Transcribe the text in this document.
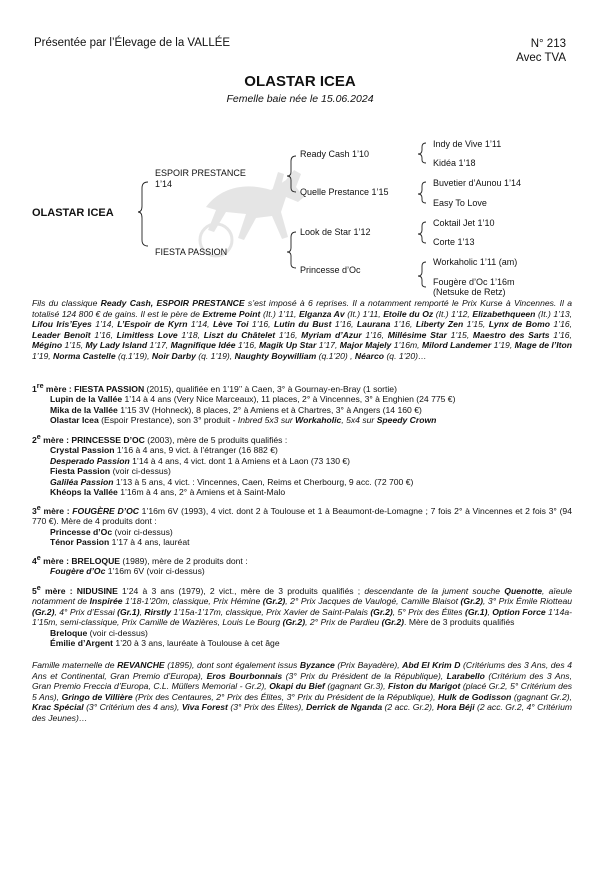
Présentée par l’Élevage de la VALLÉE	N° 213
Avec TVA
OLASTAR ICEA
Femelle baie née le 15.06.2024
OLASTAR ICEA
ESPOIR PRESTANCE
1’14
FIESTA PASSION
Ready Cash 1’10
Quelle Prestance 1’15
Look de Star 1’12
Princesse d’Oc
Indy de Vive 1’11
Kidéa 1’18
Buvetier d’Aunou 1’14
Easy To Love
Coktail Jet 1’10
Corte 1’13
Workaholic 1’11 (am)
Fougère d’Oc 1’16m
(Netsuke de Retz)
Fils du classique Ready Cash, ESPOIR PRESTANCE s’est imposé à 6 reprises. Il a notamment remporté le Prix Kurse à Vincennes. Il a totalisé 124 800 € de gains. Il est le père de Extreme Point (It.) 1’11, Elganza Av (It.) 1’11, Etoile du Oz (It.) 1’12, Elizabethqueen (It.) 1’13, Lifou Iris’Eyes 1’14, L’Espoir de Kyrn 1’14, Lève Toi 1’16, Lutin du Bust 1’16, Laurana 1’16, Liberty Zen 1’15, Lynx de Bomo 1’16, Leader Benoît 1’16, Limitless Love 1’18, Liszt du Châtelet 1’16, Myriam d’Azur 1’16, Millésime Star 1’15, Maestro des Sarts 1’16, Mégino 1’15, My Lady Island 1’17, Magnifique Idée 1’16, Magik Up Star 1’17, Major Majely 1’16m, Milord Landemer 1’19, Mage de l’Iton 1’19, Norma Castelle (q.1’19), Noir Darby (q. 1’19), Naughty Boywilliam (q.1’20) , Néarco (q. 1’20)…

1re mère : FIESTA PASSION (2015), qualifiée en 1’19’’ à Caen, 3° à Gournay-en-Bray (1 sortie)

Lupin de la Vallée 1’14 à 4 ans (Very Nice Marceaux), 11 places, 2° à Vincennes, 3° à Enghien (24 775 €)

Mika de la Vallée 1’15 3V (Hohneck), 8 places, 2° à Amiens et à Chartres, 3° à Angers (14 160 €)

Olastar Icea (Espoir Prestance), son 3° produit - Inbred 5x3 sur Workaholic, 5x4 sur Speedy Crown

2e mère : PRINCESSE D’OC (2003), mère de 5 produits qualifiés :

Crystal Passion 1’16 à 4 ans, 9 vict. à l’étranger (16 882 €)

Desperado Passion 1’14 à 4 ans, 4 vict. dont 1 à Amiens et à Laon (73 130 €)

Fiesta Passion (voir ci-dessus)

Galiléa Passion 1’13 à 5 ans, 4 vict. : Vincennes, Caen, Reims et Cherbourg, 9 acc. (72 700 €)

Khéops la Vallée 1’16m à 4 ans, 2° à Amiens et à Saint-Malo

3e mère : FOUGÈRE D’OC 1’16m 6V (1993), 4 vict. dont 2 à Toulouse et 1 à Beaumont-de-Lomagne ; 7 fois 2° à Vincennes et 2 fois 3° (94 770 €). Mère de 4 produits dont :

Princesse d’Oc (voir ci-dessus)

Ténor Passion 1’17 à 4 ans, lauréat

4e mère : BRELOQUE (1989), mère de 2 produits dont :

Fougère d’Oc 1’16m 6V (voir ci-dessus)

5e mère : NIDUSINE 1’24 à 3 ans (1979), 2 vict., mère de 3 produits qualifiés ; descendante de la jument souche Quenotte, aïeule notamment de Inspirée 1’18-1’20m, classique, Prix Hémine (Gr.2), 2° Prix Jacques de Vaulogé, Camille Blaisot (Gr.2), 3° Prix Émile Riotteau (Gr.2), 4° Prix d’Essai (Gr.1), Rirstly 1’15a-1’17m, classique, Prix Xavier de Saint-Palais (Gr.2), 5° Prix des Élites (Gr.1), Option Force 1’14a-1’15m, semi-classique, Prix Camille de Wazières, Louis Le Bourg (Gr.2), 2° Prix de Pardieu (Gr.2). Mère de 3 produits qualifiés

Breloque (voir ci-dessus)

Émilie d’Argent 1’20 à 3 ans, lauréate à Toulouse à cet âge

Famille maternelle de REVANCHE (1895), dont sont également issus Byzance (Prix Bayadère), Abd El Krim D (Critériums des 3 Ans, des 4 Ans et Continental, Gran Premio d’Europa), Eros Bourbonnais (3° Prix du Président de la République), Larabello (Critérium des 3 Ans, Gran Premio Freccia d’Europa, C.L. Müllers Memorial - Gr.2), Okapi du Bief (gagnant Gr.3), Fiston du Marigot (placé Gr.2, 5° Critérium des 5 Ans), Gringo de Villière (Prix des Centaures, 2° Prix des Élites, 3° Prix du Président de la République), Hulk de Godisson (gagnant Gr.2), Krac Spécial (3° Critérium des 4 ans), Viva Forest (3° Prix des Élites), Derrick de Nganda (2 acc. Gr.2), Hora Béji (2 acc. Gr.2, 4° Critérium des Jeunes)…
